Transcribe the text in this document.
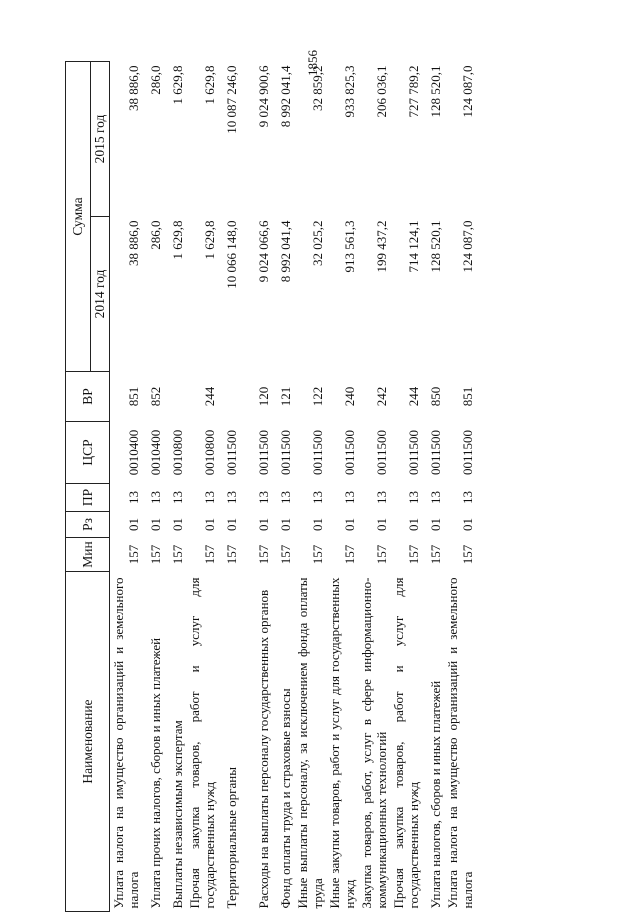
1856
Наименование	Мин	Рз	ПР	ЦСР	ВР	Сумма	
						2014 год	2015 год
Уплата налога на имущество организаций и земельного налога	157	01	13	0010400	851	38 886,0	38 886,0
Уплата прочих налогов, сборов и иных платежей	157	01	13	0010400	852	286,0	286,0
Выплаты независимым экспертам	157	01	13	0010800		1 629,8	1 629,8
Прочая закупка товаров, работ и услуг для государственных нужд	157	01	13	0010800	244	1 629,8	1 629,8
Территориальные органы	157	01	13	0011500		10 066 148,0	10 087 246,0
Расходы на выплаты персоналу государственных органов	157	01	13	0011500	120	9 024 066,6	9 024 900,6
Фонд оплаты труда и страховые взносы	157	01	13	0011500	121	8 992 041,4	8 992 041,4
Иные выплаты персоналу, за исключением фонда оплаты труда	157	01	13	0011500	122	32 025,2	32 859,2
Иные закупки товаров, работ и услуг для государственных нужд	157	01	13	0011500	240	913 561,3	933 825,3
Закупка товаров, работ, услуг в сфере информационно-коммуникационных технологий	157	01	13	0011500	242	199 437,2	206 036,1
Прочая закупка товаров, работ и услуг для государственных нужд	157	01	13	0011500	244	714 124,1	727 789,2
Уплата налогов, сборов и иных платежей	157	01	13	0011500	850	128 520,1	128 520,1
Уплата налога на имущество организаций и земельного налога	157	01	13	0011500	851	124 087,0	124 087,0
